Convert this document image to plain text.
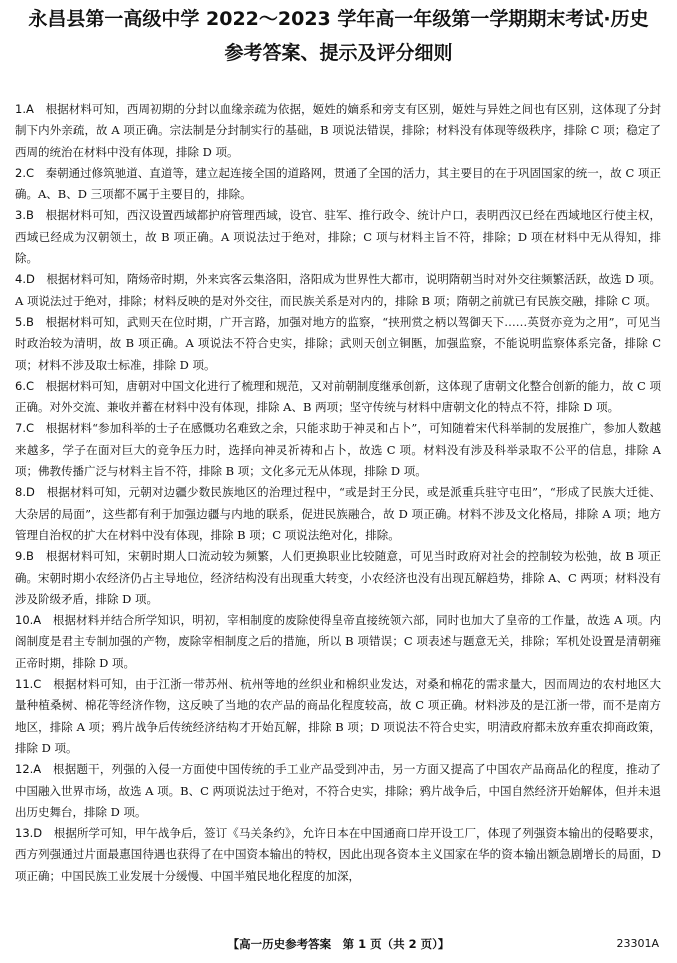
永昌县第一高级中学 2022～2023 学年高一年级第一学期期末考试·历史
参考答案、提示及评分细则

1.A　 根据材料可知，西周初期的分封以血缘亲疏为依据，姬姓的嫡系和旁支有区别，姬姓与异姓之间也有区别，这体现了分封制下内外亲疏，故 A 项正确。宗法制是分封制实行的基础，B 项说法错误，排除；材料没有体现等级秩序，排除 C 项；稳定了西周的统治在材料中没有体现，排除 D 项。

2.C　 秦朝通过修筑驰道、直道等，建立起连接全国的道路网，贯通了全国的活力，其主要目的在于巩固国家的统一，故 C 项正确。A、B、D 三项都不属于主要目的，排除。

3.B　 根据材料可知，西汉设置西域都护府管理西域，设官、驻军、推行政令、统计户口，表明西汉已经在西域地区行使主权，西域已经成为汉朝领土，故 B 项正确。A 项说法过于绝对，排除；C 项与材料主旨不符，排除；D 项在材料中无从得知，排除。

4.D　 根据材料可知，隋炀帝时期，外来宾客云集洛阳，洛阳成为世界性大都市，说明隋朝当时对外交往频繁活跃，故选 D 项。A 项说法过于绝对，排除；材料反映的是对外交往，而民族关系是对内的，排除 B 项；隋朝之前就已有民族交融，排除 C 项。

5.B　 根据材料可知，武则天在位时期，广开言路，加强对地方的监察，“挟刑赏之柄以驾御天下……英贤亦竞为之用”，可见当时政治较为清明，故 B 项正确。A 项说法不符合史实，排除；武则天创立铜匦，加强监察，不能说明监察体系完备，排除 C 项；材料不涉及取士标准，排除 D 项。

6.C　 根据材料可知，唐朝对中国文化进行了梳理和规范，又对前朝制度继承创新，这体现了唐朝文化整合创新的能力，故 C 项正确。对外交流、兼收并蓄在材料中没有体现，排除 A、B 两项；坚守传统与材料中唐朝文化的特点不符，排除 D 项。

7.C　 根据材料“参加科举的士子在感慨功名难致之余，只能求助于神灵和占卜”，可知随着宋代科举制的发展推广，参加人数越来越多，学子在面对巨大的竞争压力时，选择向神灵祈祷和占卜，故选 C 项。材料没有涉及科举录取不公平的信息，排除 A 项；佛教传播广泛与材料主旨不符，排除 B 项；文化多元无从体现，排除 D 项。

8.D　 根据材料可知，元朝对边疆少数民族地区的治理过程中，“或是封王分民，或是派重兵驻守屯田”，“形成了民族大迁徙、大杂居的局面”，这些都有利于加强边疆与内地的联系，促进民族融合，故 D 项正确。材料不涉及文化格局，排除 A 项；地方管理自治权的扩大在材料中没有体现，排除 B 项；C 项说法绝对化，排除。

9.B　 根据材料可知，宋朝时期人口流动较为频繁，人们更换职业比较随意，可见当时政府对社会的控制较为松弛，故 B 项正确。宋朝时期小农经济仍占主导地位，经济结构没有出现重大转变，小农经济也没有出现瓦解趋势，排除 A、C 两项；材料没有涉及阶级矛盾，排除 D 项。

10.A　 根据材料并结合所学知识，明初，宰相制度的废除使得皇帝直接统领六部，同时也加大了皇帝的工作量，故选 A 项。内阁制度是君主专制加强的产物，废除宰相制度之后的措施，所以 B 项错误；C 项表述与题意无关，排除；军机处设置是清朝雍正帝时期，排除 D 项。

11.C　 根据材料可知，由于江浙一带苏州、杭州等地的丝织业和棉织业发达，对桑和棉花的需求量大，因而周边的农村地区大量种植桑树、棉花等经济作物，这反映了当地的农产品的商品化程度较高，故 C 项正确。材料涉及的是江浙一带，而不是南方地区，排除 A 项；鸦片战争后传统经济结构才开始瓦解，排除 B 项；D 项说法不符合史实，明清政府都未放弃重农抑商政策，排除 D 项。

12.A　 根据题干，列强的入侵一方面使中国传统的手工业产品受到冲击，另一方面又提高了中国农产品商品化的程度，推动了中国融入世界市场，故选 A 项。B、C 两项说法过于绝对，不符合史实，排除；鸦片战争后，中国自然经济开始解体，但并未退出历史舞台，排除 D 项。

13.D　 根据所学可知，甲午战争后，签订《马关条约》，允许日本在中国通商口岸开设工厂，体现了列强资本输出的侵略要求，西方列强通过片面最惠国待遇也获得了在中国资本输出的特权，因此出现各资本主义国家在华的资本输出额急剧增长的局面，D 项正确；中国民族工业发展十分缓慢、中国半殖民地化程度的加深，

【高一历史参考答案　第 1 页（共 2 页）】	23301A
